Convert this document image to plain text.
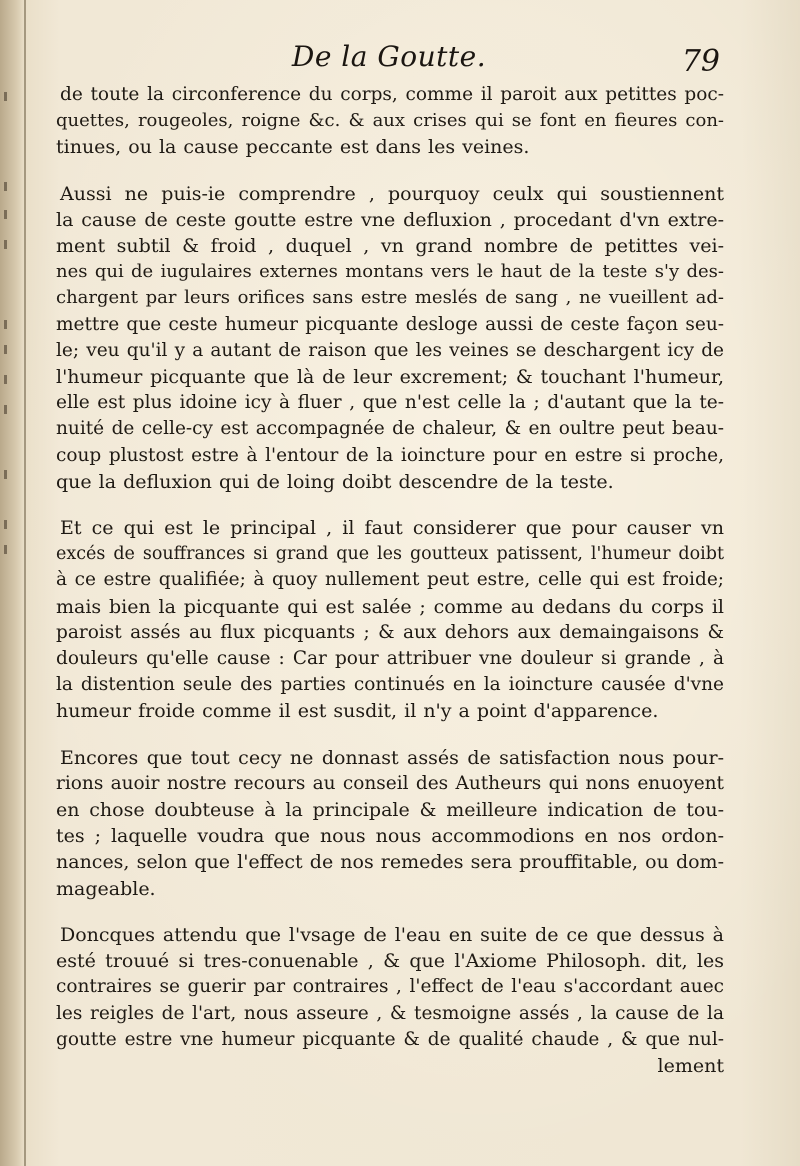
De la Goutte.	79

de toute la circonference du corps, comme il paroit aux petittes poc-
quettes, rougeoles, roigne &c. & aux crises qui se font en fieures con-
tinues, ou la cause peccante est dans les veines.

Aussi ne puis-ie comprendre , pourquoy ceulx qui soustiennent
la cause de ceste goutte estre vne defluxion , procedant d'vn extre-
ment subtil & froid , duquel , vn grand nombre de petittes vei-
nes qui de iugulaires externes montans vers le haut de la teste s'y des-
chargent par leurs orifices sans estre meslés de sang , ne vueillent ad-
mettre que ceste humeur picquante desloge aussi de ceste façon seu-
le; veu qu'il y a autant de raison que les veines se deschargent icy de
l'humeur picquante que là de leur excrement; & touchant l'humeur,
elle est plus idoine icy à fluer , que n'est celle la ; d'autant que la te-
nuité de celle-cy est accompagnée de chaleur, & en oultre peut beau-
coup plustost estre à l'entour de la ioincture pour en estre si proche,
que la defluxion qui de loing doibt descendre de la teste.

Et ce qui est le principal , il faut considerer que pour causer vn
excés de souffrances si grand que les goutteux patissent, l'humeur doibt
à ce estre qualifiée; à quoy nullement peut estre, celle qui est froide;
mais bien la picquante qui est salée ; comme au dedans du corps il
paroist assés au flux picquants ; & aux dehors aux demaingaisons &
douleurs qu'elle cause : Car pour attribuer vne douleur si grande , à
la distention seule des parties continués en la ioincture causée d'vne
humeur froide comme il est susdit, il n'y a point d'apparence.

Encores que tout cecy ne donnast assés de satisfaction nous pour-
rions auoir nostre recours au conseil des Autheurs qui nons enuoyent
en chose doubteuse à la principale & meilleure indication de tou-
tes ; laquelle voudra que nous nous accommodions en nos ordon-
nances, selon que l'effect de nos remedes sera prouffitable, ou dom-
mageable.

Doncques attendu que l'vsage de l'eau en suite de ce que dessus à
esté trouué si tres-conuenable , & que l'Axiome Philosoph. dit, les
contraires se guerir par contraires , l'effect de l'eau s'accordant auec
les reigles de l'art, nous asseure , & tesmoigne assés , la cause de la
goutte estre vne humeur picquante & de qualité chaude , & que nul-

lement
